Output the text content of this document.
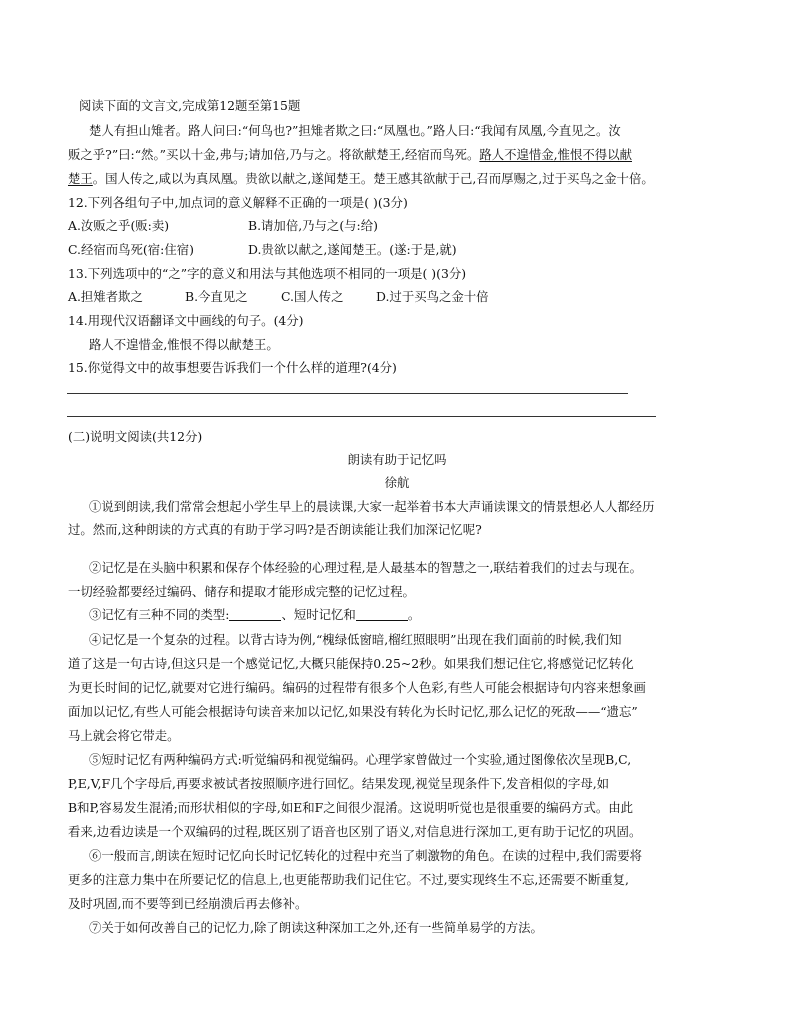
阅读下面的文言文,完成第12题至第15题
楚人有担山雉者。路人问曰:“何鸟也?”担雉者欺之曰:“凤凰也。”路人曰:“我闻有凤凰,今直见之。汝
贩之乎?”曰:“然。”买以十金,弗与;请加倍,乃与之。将欲献楚王,经宿而鸟死。路人不遑惜金,惟恨不得以献
楚王。国人传之,咸以为真凤凰。贵欲以献之,遂闻楚王。楚王感其欲献于己,召而厚赐之,过于买鸟之金十倍。
12.下列各组句子中,加点词的意义解释不正确的一项是( )(3分)
A.汝贩之乎(贩:卖)	B.请加倍,乃与之(与:给)
C.经宿而鸟死(宿:住宿)	D.贵欲以献之,遂闻楚王。(遂:于是,就)
13.下列选项中的“之”字的意义和用法与其他选项不相同的一项是( )(3分)
A.担雉者欺之	B.今直见之	C.国人传之	D.过于买鸟之金十倍
14.用现代汉语翻译文中画线的句子。(4分)
路人不遑惜金,惟恨不得以献楚王。
15.你觉得文中的故事想要告诉我们一个什么样的道理?(4分)
(二)说明文阅读(共12分)
朗读有助于记忆吗
徐航
①说到朗读,我们常常会想起小学生早上的晨读课,大家一起举着书本大声诵读课文的情景想必人人都经历
过。然而,这种朗读的方式真的有助于学习吗?是否朗读能让我们加深记忆呢?
②记忆是在头脑中积累和保存个体经验的心理过程,是人最基本的智慧之一,联结着我们的过去与现在。
一切经验都要经过编码、储存和提取才能形成完整的记忆过程。
③记忆有三种不同的类型:	、短时记忆和	。
④记忆是一个复杂的过程。以背古诗为例,“槐绿低窗暗,榴红照眼明”出现在我们面前的时候,我们知
道了这是一句古诗,但这只是一个感觉记忆,大概只能保持0.25~2秒。如果我们想记住它,将感觉记忆转化
为更长时间的记忆,就要对它进行编码。编码的过程带有很多个人色彩,有些人可能会根据诗句内容来想象画
面加以记忆,有些人可能会根据诗句读音来加以记忆,如果没有转化为长时记忆,那么记忆的死敌——“遗忘”
马上就会将它带走。
⑤短时记忆有两种编码方式:听觉编码和视觉编码。心理学家曾做过一个实验,通过图像依次呈现B,C,
P,E,V,F几个字母后,再要求被试者按照顺序进行回忆。结果发现,视觉呈现条件下,发音相似的字母,如
B和P,容易发生混淆;而形状相似的字母,如E和F之间很少混淆。这说明听觉也是很重要的编码方式。由此
看来,边看边读是一个双编码的过程,既区别了语音也区别了语义,对信息进行深加工,更有助于记忆的巩固。
⑥一般而言,朗读在短时记忆向长时记忆转化的过程中充当了刺激物的角色。在读的过程中,我们需要将
更多的注意力集中在所要记忆的信息上,也更能帮助我们记住它。不过,要实现终生不忘,还需要不断重复,
及时巩固,而不要等到已经崩溃后再去修补。
⑦关于如何改善自己的记忆力,除了朗读这种深加工之外,还有一些简单易学的方法。
